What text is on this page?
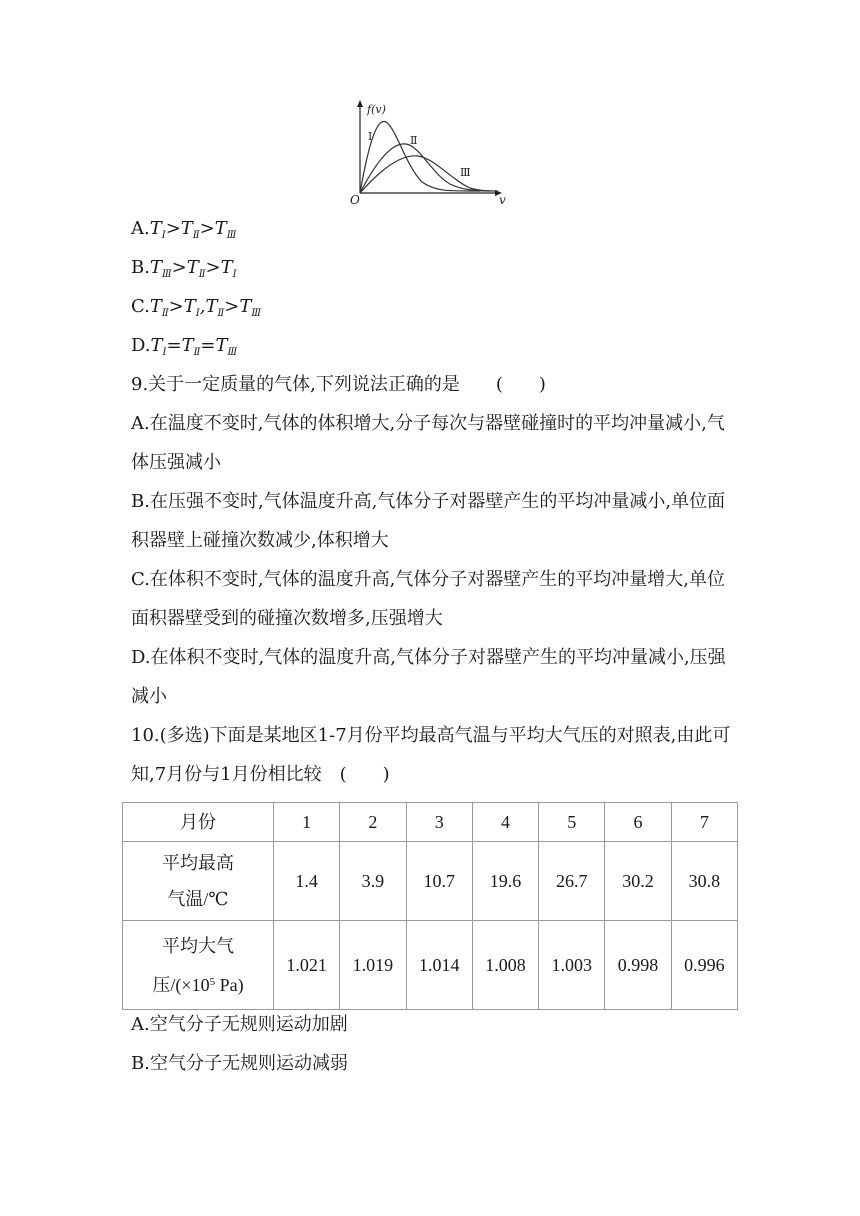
f(v)
v
O
Ⅰ	Ⅱ
Ⅲ
$A.T_Ⅰ>T_Ⅱ>T_Ⅲ$
$B.T_Ⅲ>T_Ⅱ>T_Ⅰ$
$C.T_Ⅱ>T_Ⅰ,T_Ⅱ>T_Ⅲ$
$D.T_Ⅰ=T_Ⅱ=T_Ⅲ$
9.关于一定质量的气体,下列说法正确的是　　(　　)
A.在温度不变时,气体的体积增大,分子每次与器壁碰撞时的平均冲量减小,气体压强减小
B.在压强不变时,气体温度升高,气体分子对器壁产生的平均冲量减小,单位面积器壁上碰撞次数减少,体积增大
C.在体积不变时,气体的温度升高,气体分子对器壁产生的平均冲量增大,单位面积器壁受到的碰撞次数增多,压强增大
D.在体积不变时,气体的温度升高,气体分子对器壁产生的平均冲量减小,压强减小
10.(多选)下面是某地区1-7月份平均最高气温与平均大气压的对照表,由此可知,7月份与1月份相比较　(　　)
月份	1	2	3	4	5	6	7

平均最高
气温/℃	1.4	3.9	10.7	19.6	26.7	30.2	30.8

平均大气
压$/(\times 10^5$ Pa)	1.021	1.019	1.014	1.008	1.003	0.998	0.996
A.空气分子无规则运动加剧
B.空气分子无规则运动减弱
